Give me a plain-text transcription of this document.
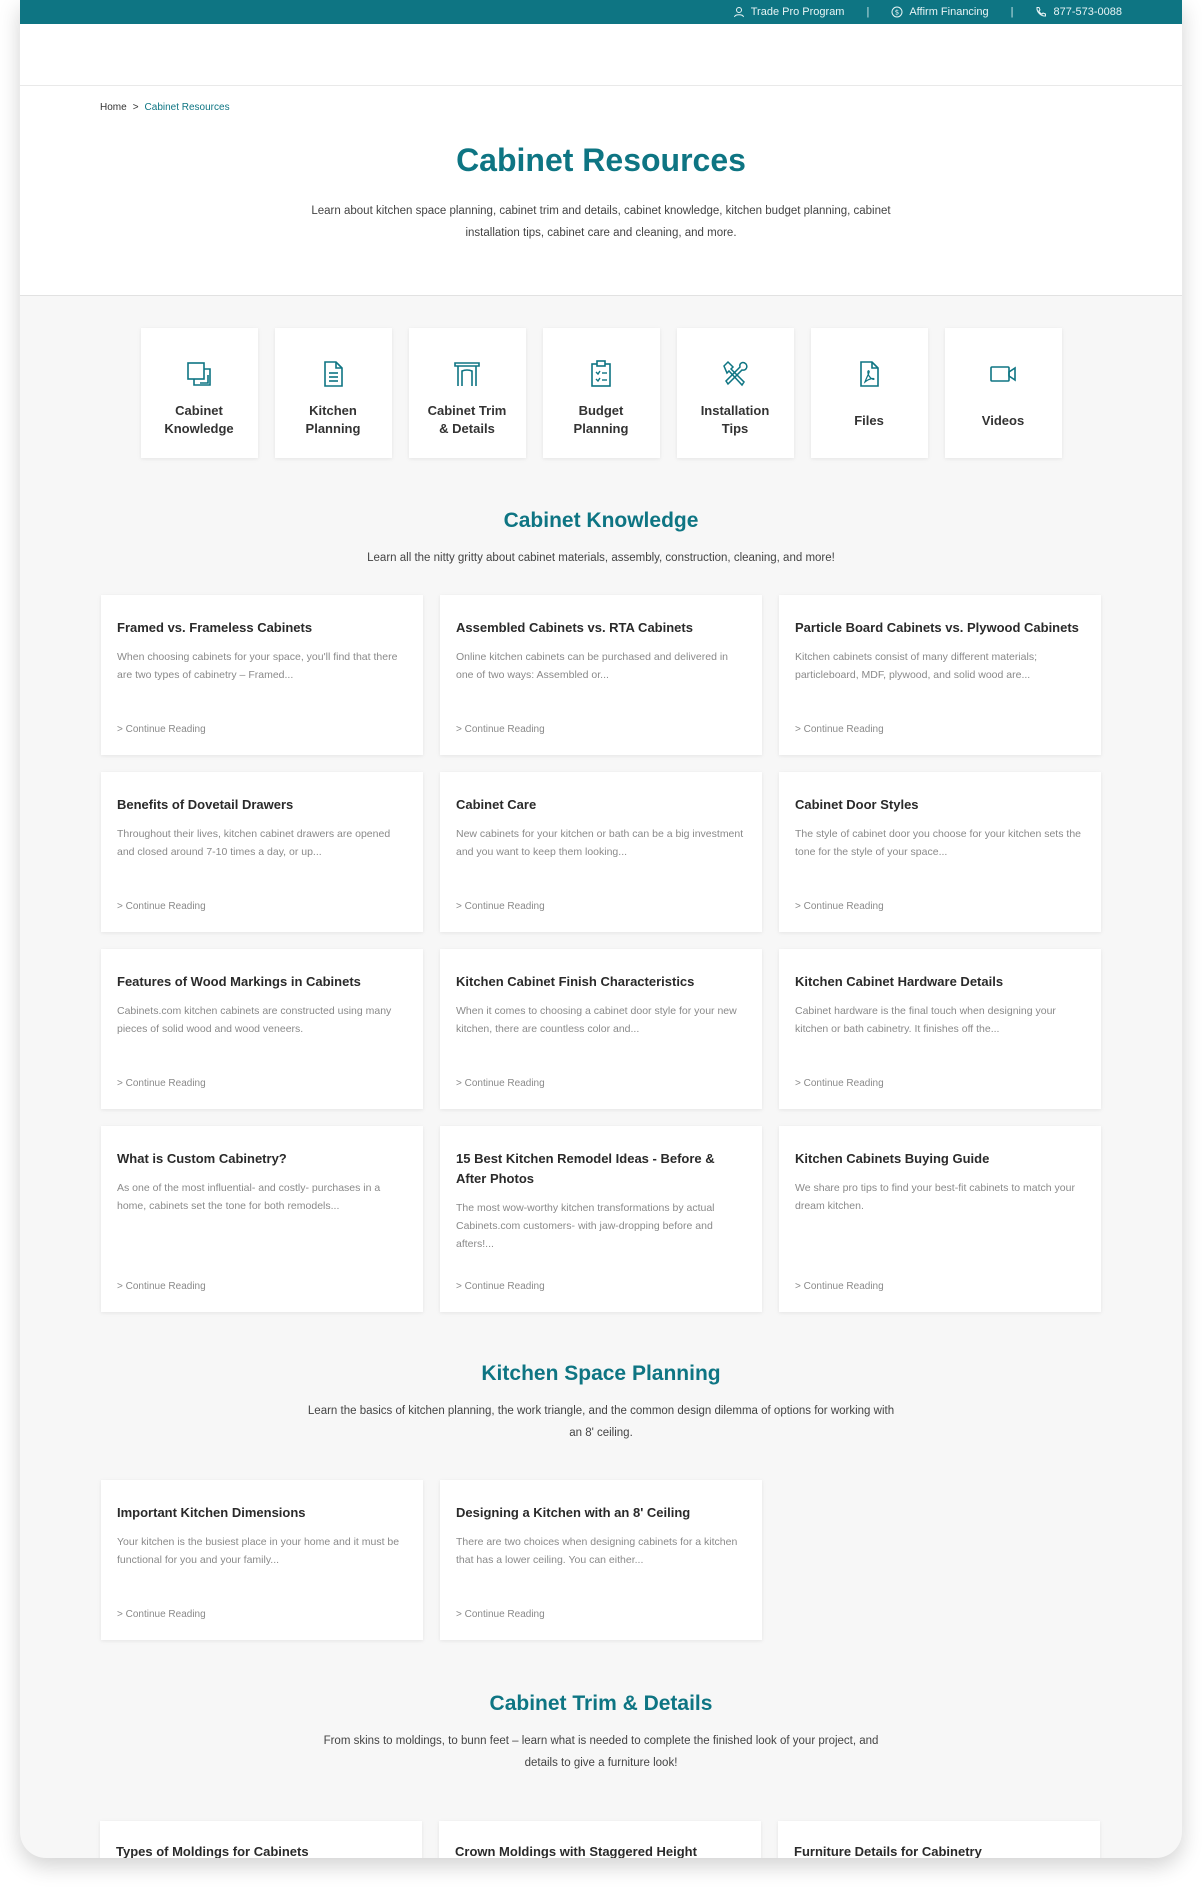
Trade Pro Program |	$ Affirm Financing |	877-573-0088
Home > Cabinet Resources
Cabinet Resources

Learn about kitchen space planning, cabinet trim and details, cabinet knowledge, kitchen budget planning, cabinet installation tips, cabinet care and cleaning, and more.

Cabinet
Knowledge
Kitchen
Planning
Cabinet Trim
& Details
Budget
Planning
Installation
Tips
Files	Videos
Cabinet Knowledge

Learn all the nitty gritty about cabinet materials, assembly, construction, cleaning, and more!

Framed vs. Frameless Cabinets
When choosing cabinets for your space, you'll find that there are two types of cabinetry – Framed...
> Continue Reading
Assembled Cabinets vs. RTA Cabinets
Online kitchen cabinets can be purchased and delivered in one of two ways: Assembled or...
> Continue Reading
Particle Board Cabinets vs. Plywood Cabinets
Kitchen cabinets consist of many different materials; particleboard, MDF, plywood, and solid wood are...
> Continue Reading
Benefits of Dovetail Drawers
Throughout their lives, kitchen cabinet drawers are opened and closed around 7-10 times a day, or up...
> Continue Reading
Cabinet Care
New cabinets for your kitchen or bath can be a big investment and you want to keep them looking...
> Continue Reading
Cabinet Door Styles
The style of cabinet door you choose for your kitchen sets the tone for the style of your space...
> Continue Reading
Features of Wood Markings in Cabinets
Cabinets.com kitchen cabinets are constructed using many pieces of solid wood and wood veneers.
> Continue Reading
Kitchen Cabinet Finish Characteristics
When it comes to choosing a cabinet door style for your new kitchen, there are countless color and...
> Continue Reading
Kitchen Cabinet Hardware Details
Cabinet hardware is the final touch when designing your kitchen or bath cabinetry. It finishes off the...
> Continue Reading
What is Custom Cabinetry?
As one of the most influential- and costly- purchases in a home, cabinets set the tone for both remodels...
> Continue Reading
15 Best Kitchen Remodel Ideas - Before & After Photos
The most wow-worthy kitchen transformations by actual Cabinets.com customers- with jaw-dropping before and afters!...
> Continue Reading
Kitchen Cabinets Buying Guide
We share pro tips to find your best-fit cabinets to match your dream kitchen.
> Continue Reading
Kitchen Space Planning

Learn the basics of kitchen planning, the work triangle, and the common design dilemma of options for working with an 8' ceiling.

Important Kitchen Dimensions
Your kitchen is the busiest place in your home and it must be functional for you and your family...
> Continue Reading
Designing a Kitchen with an 8' Ceiling
There are two choices when designing cabinets for a kitchen that has a lower ceiling. You can either...
> Continue Reading
Cabinet Trim & Details

From skins to moldings, to bunn feet – learn what is needed to complete the finished look of your project, and details to give a furniture look!

Types of Moldings for Cabinets	Crown Moldings with Staggered Height	Furniture Details for Cabinetry
